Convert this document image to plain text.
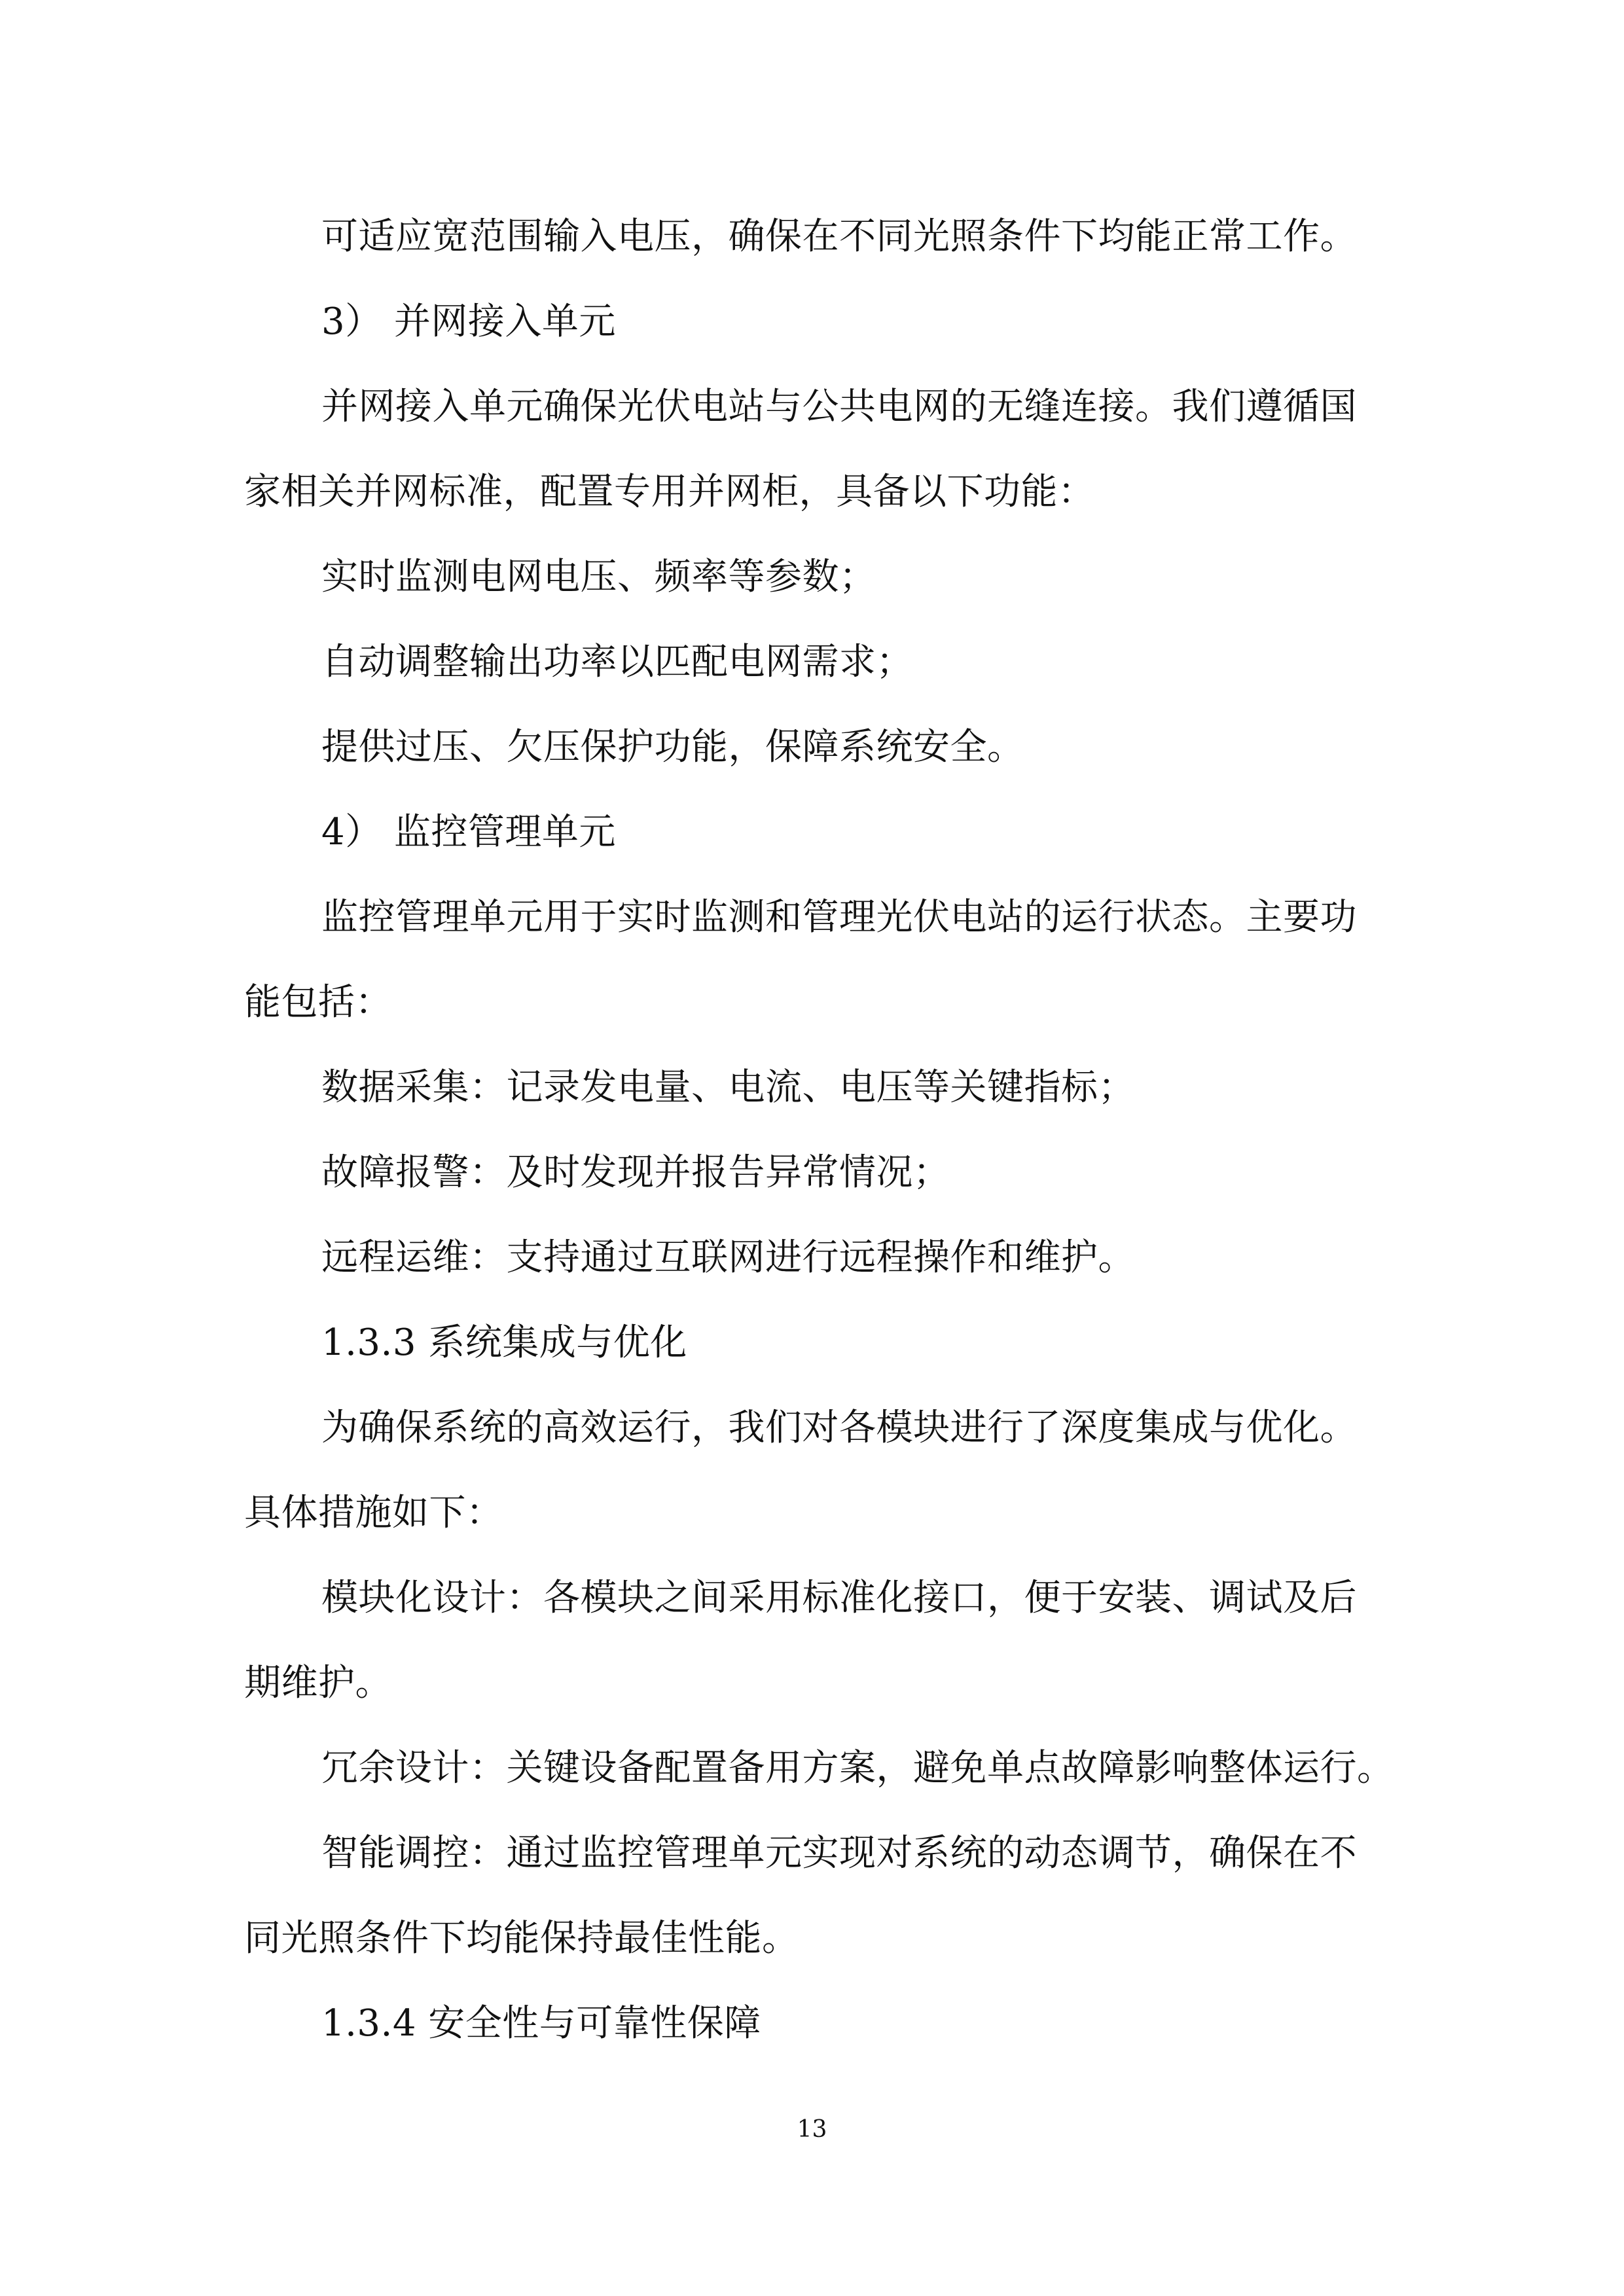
可适应宽范围输入电压，确保在不同光照条件下均能正常工作。
3） 并网接入单元
并网接入单元确保光伏电站与公共电网的无缝连接。我们遵循国
家相关并网标准，配置专用并网柜，具备以下功能：
实时监测电网电压、频率等参数；
自动调整输出功率以匹配电网需求；
提供过压、欠压保护功能，保障系统安全。
4） 监控管理单元
监控管理单元用于实时监测和管理光伏电站的运行状态。主要功
能包括：
数据采集：记录发电量、电流、电压等关键指标；
故障报警：及时发现并报告异常情况；
远程运维：支持通过互联网进行远程操作和维护。
1.3.3 系统集成与优化
为确保系统的高效运行，我们对各模块进行了深度集成与优化。
具体措施如下：
模块化设计：各模块之间采用标准化接口，便于安装、调试及后
期维护。
冗余设计：关键设备配置备用方案，避免单点故障影响整体运行。
智能调控：通过监控管理单元实现对系统的动态调节，确保在不
同光照条件下均能保持最佳性能。
1.3.4 安全性与可靠性保障
13
